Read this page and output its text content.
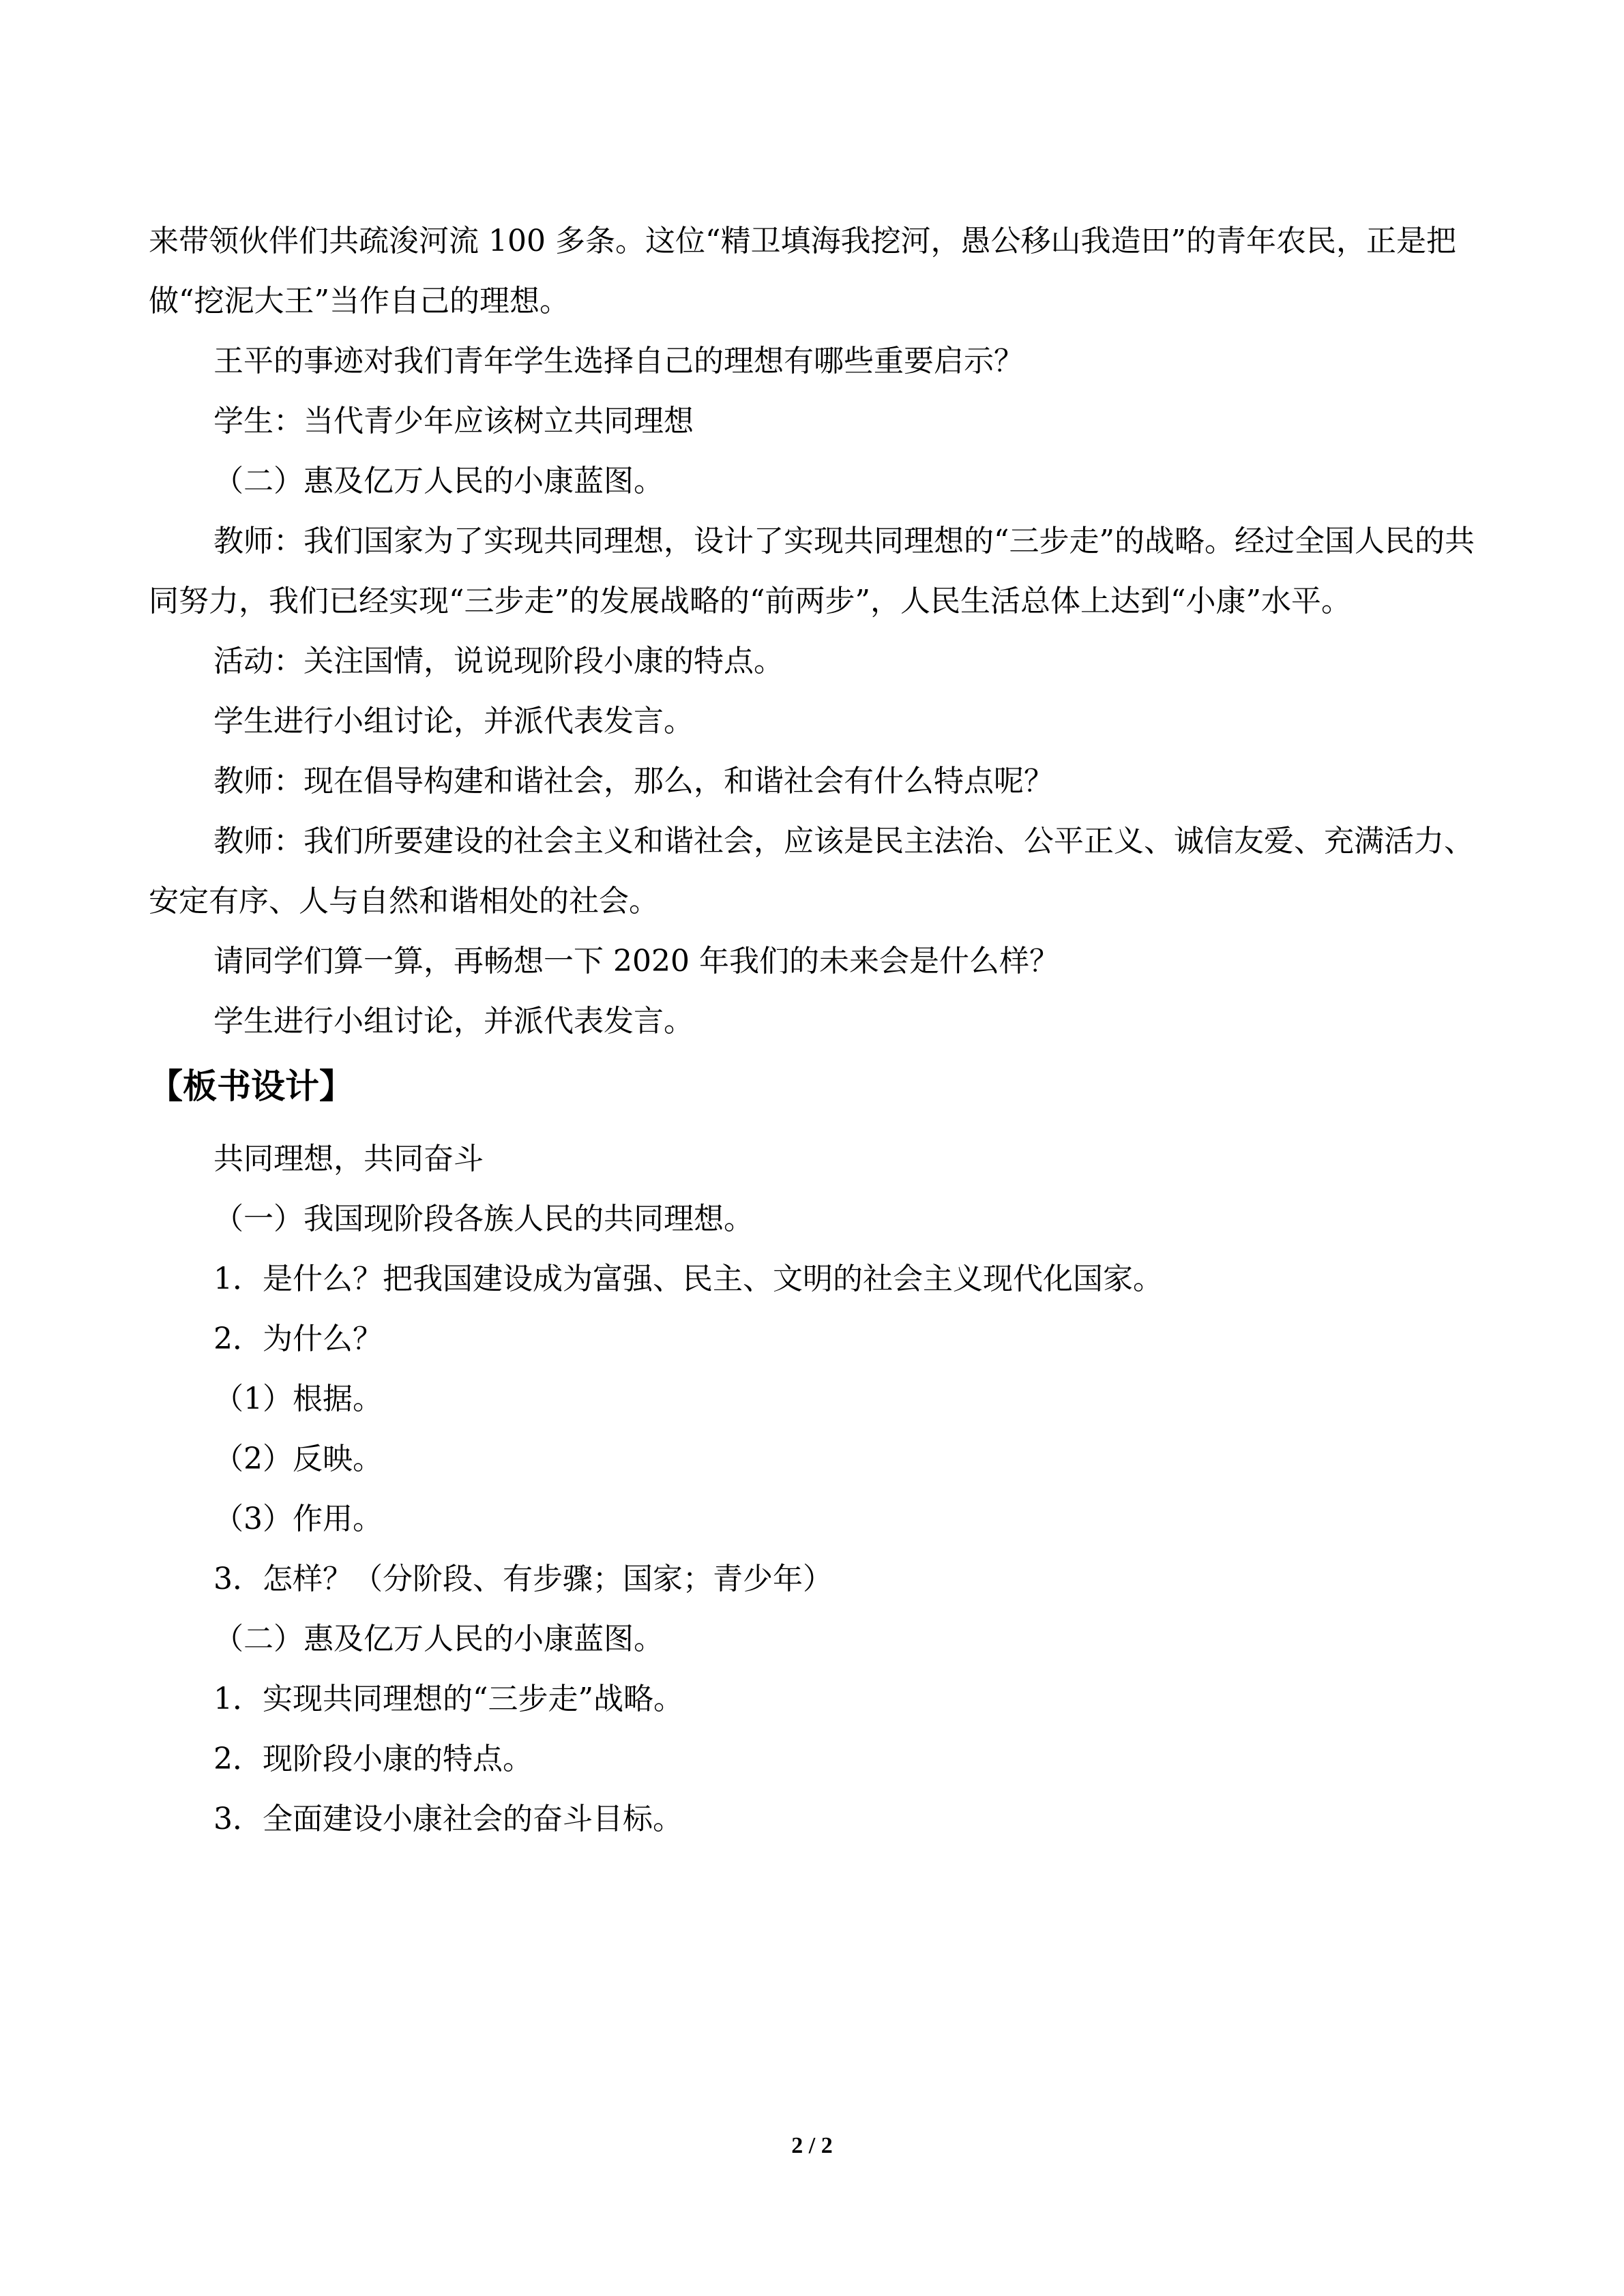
来带领伙伴们共疏浚河流 100 多条。这位“精卫填海我挖河，愚公移山我造田”的青年农民，正是把做“挖泥大王”当作自己的理想。

王平的事迹对我们青年学生选择自己的理想有哪些重要启示？

学生：当代青少年应该树立共同理想

（二）惠及亿万人民的小康蓝图。

教师：我们国家为了实现共同理想，设计了实现共同理想的“三步走”的战略。经过全国人民的共同努力，我们已经实现“三步走”的发展战略的“前两步”，人民生活总体上达到“小康”水平。

活动：关注国情，说说现阶段小康的特点。

学生进行小组讨论，并派代表发言。

教师：现在倡导构建和谐社会，那么，和谐社会有什么特点呢？

教师：我们所要建设的社会主义和谐社会，应该是民主法治、公平正义、诚信友爱、充满活力、安定有序、人与自然和谐相处的社会。

请同学们算一算，再畅想一下 2020 年我们的未来会是什么样？

学生进行小组讨论，并派代表发言。

【板书设计】

共同理想，共同奋斗

（一）我国现阶段各族人民的共同理想。

1．是什么？把我国建设成为富强、民主、文明的社会主义现代化国家。

2．为什么？

（1）根据。

（2）反映。

（3）作用。

3．怎样？（分阶段、有步骤；国家；青少年）

（二）惠及亿万人民的小康蓝图。

1．实现共同理想的“三步走”战略。

2．现阶段小康的特点。

3．全面建设小康社会的奋斗目标。

2 / 2
